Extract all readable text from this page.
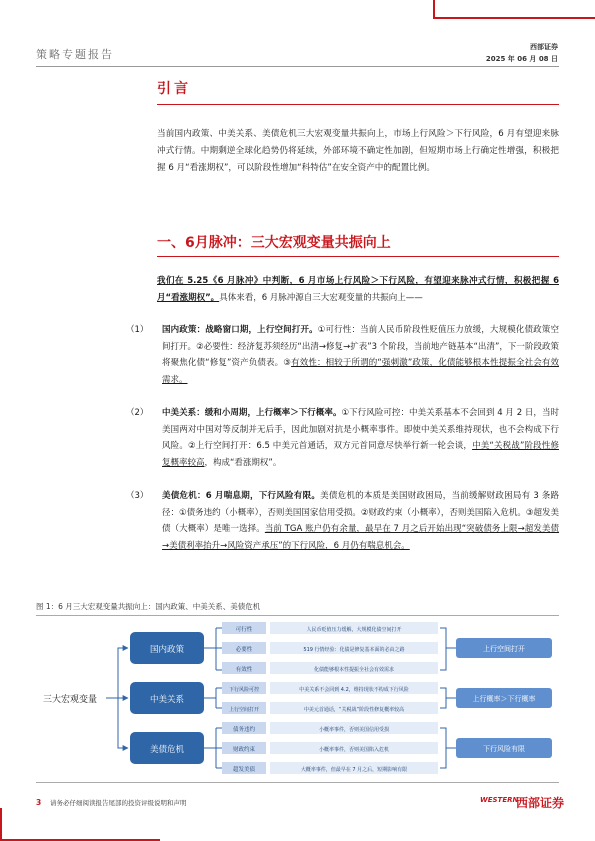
策略专题报告
西部证券
2025 年 06 月 08 日
引言
当前国内政策、中美关系、美债危机三大宏观变量共振向上，市场上行风险＞下行风险，6 月有望迎来脉冲式行情。中期剩逆全球化趋势仍将延续，外部环境不确定性加剧，但短期市场上行确定性增强，积极把握 6 月“看涨期权”，可以阶段性增加“科特估”在安全资产中的配置比例。
一、6月脉冲：三大宏观变量共振向上
我们在 5.25《6 月脉冲》中判断，6 月市场上行风险＞下行风险，有望迎来脉冲式行情，积极把握 6 月“看涨期权”。具体来看，6 月脉冲源自三大宏观变量的共振向上——
（1）	国内政策：战略窗口期，上行空间打开。①可行性：当前人民币阶段性贬值压力放缓，大规模化债政策空间打开。②必要性：经济复苏须经历“出清→修复→扩表”3 个阶段，当前地产链基本“出清”，下一阶段政策将聚焦化债“修复”资产负债表。③有效性：相较于所谓的“强刺激”政策，化债能够根本性提振全社会有效需求。
（2）	中美关系：缓和小周期，上行概率＞下行概率。①下行风险可控：中美关系基本不会回到 4 月 2 日，当时美国两对中国对等反制并无后手，因此加剧对抗是小概率事件。即使中美关系维持现状，也不会构成下行风险。②上行空间打开：6.5 中美元首通话，双方元首同意尽快举行新一轮会谈，中美“关税战”阶段性修复概率较高，构成“看涨期权”。
（3）	美债危机：6 月喘息期，下行风险有限。美债危机的本质是美国财政困局，当前缓解财政困局有 3 条路径：①债务违约（小概率），否则美国国家信用受损。②财政约束（小概率），否则美国陷入危机。③超发美债（大概率）是唯一选择。当前 TGA 账户仍有余量，最早在 7 月之后开始出现“突破债务上限→超发美债→美债利率抬升→风险资产承压”的下行风险，6 月仍有喘息机会。
图 1：6 月三大宏观变量共振向上：国内政策、中美关系、美债危机
三大宏观变量
国内政策
可行性	人民币贬值压力缓解，大规模化债空间打开
必要性	519 行情经验：化债是修复基本面的必由之路
有效性	化债能够根本性提振全社会有效需求
上行空间打开
中美关系
下行风险可控	中美关系不会回到 4.2，维持现状不构成下行风险
上行空间打开	中美元首通话，“关税战”阶段性修复概率较高
上行概率＞下行概率
美债危机
债务违约	小概率事件，否则美国信用受损
财政约束	小概率事件，否则美国陷入危机
超发美债	大概率事件，但最早在 7 月之后，短期影响有限
下行风险有限
3 请务必仔细阅读报告尾部的投资评级说明和声明	WESTERN
西部证券
